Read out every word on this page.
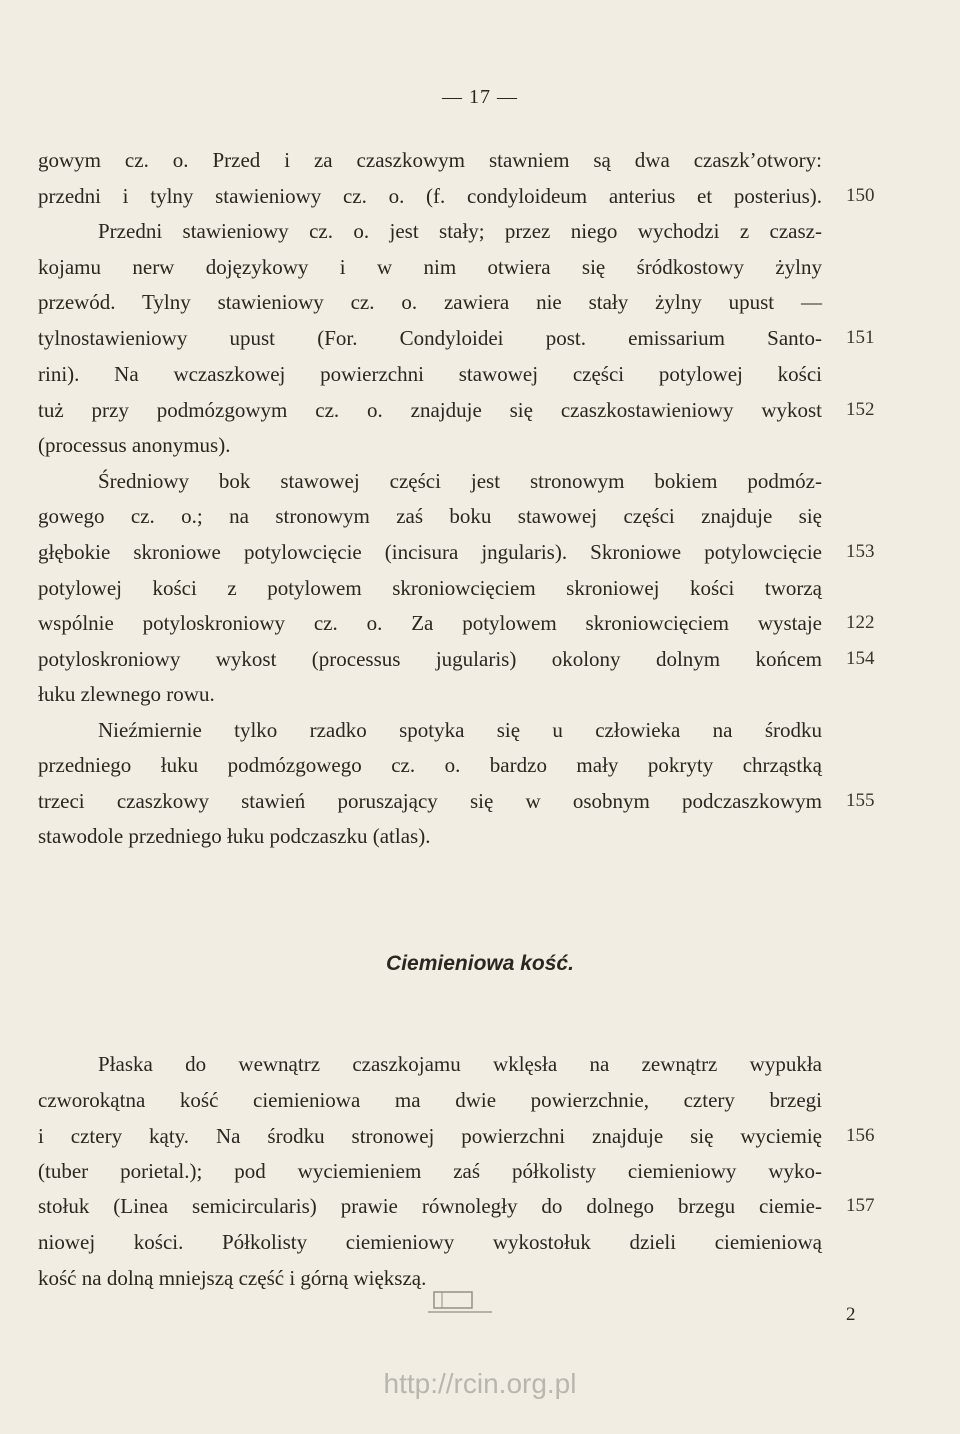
— 17 —
gowym cz. o. Przed i za czaszkowym stawniem są dwa czaszk’otwory:
przedni i tylny stawieniowy cz. o. (f. condyloideum anterius et posterius). 150
Przedni stawieniowy cz. o. jest stały; przez niego wychodzi z czasz-
kojamu nerw dojęzykowy i w nim otwiera się śródkostowy żylny
przewód. Tylny stawieniowy cz. o. zawiera nie stały żylny upust —
tylnostawieniowy upust (For. Condyloidei post. emissarium Santo- 151
rini). Na wczaszkowej powierzchni stawowej części potylowej kości
tuż przy podmózgowym cz. o. znajduje się czaszkostawieniowy wykost 152
(processus anonymus).
Średniowy bok stawowej części jest stronowym bokiem podmóz-
gowego cz. o.; na stronowym zaś boku stawowej części znajduje się
głębokie skroniowe potylowcięcie (incisura jngularis). Skroniowe potylowcięcie 153
potylowej kości z potylowem skroniowcięciem skroniowej kości tworzą
wspólnie potyloskroniowy cz. o. Za potylowem skroniowcięciem wystaje 122
potyloskroniowy wykost (processus jugularis) okolony dolnym końcem 154
łuku zlewnego rowu.
Nieźmiernie tylko rzadko spotyka się u człowieka na środku
przedniego łuku podmózgowego cz. o. bardzo mały pokryty chrząstką
trzeci czaszkowy stawień poruszający się w osobnym podczaszkowym 155
stawodole przedniego łuku podczaszku (atlas).
Ciemieniowa kość.
Płaska do wewnątrz czaszkojamu wklęsła na zewnątrz wypukła
czworokątna kość ciemieniowa ma dwie powierzchnie, cztery brzegi
i cztery kąty. Na środku stronowej powierzchni znajduje się wyciemię 156
(tuber porietal.); pod wyciemieniem zaś półkolisty ciemieniowy wyko-
stołuk (Linea semicircularis) prawie równoległy do dolnego brzegu ciemie- 157
niowej kości. Półkolisty ciemieniowy wykostołuk dzieli ciemieniową
kość na dolną mniejszą część i górną większą.
2
http://rcin.org.pl
